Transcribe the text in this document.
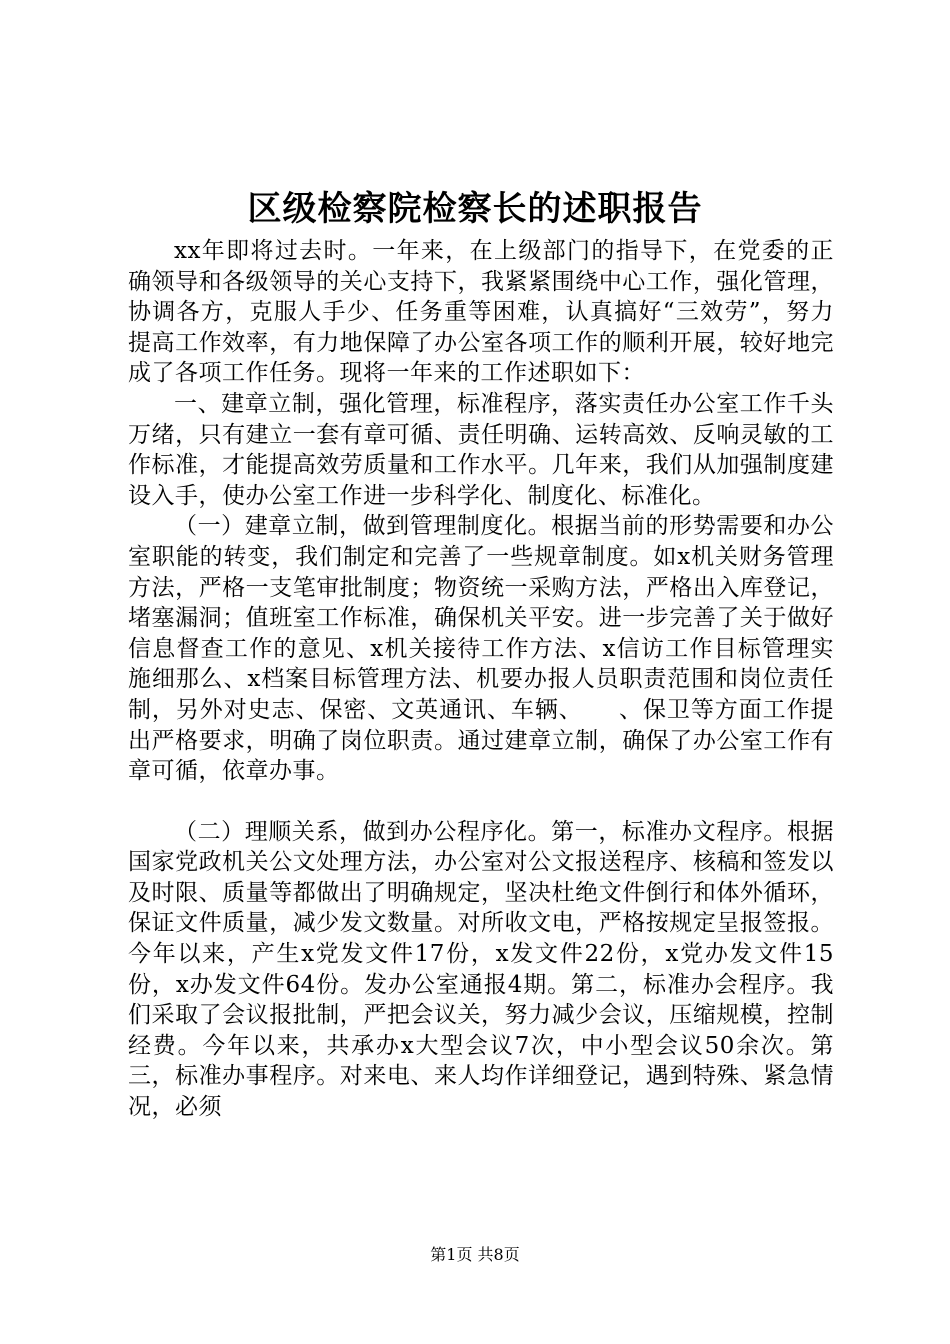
区级检察院检察长的述职报告

xx年即将过去时。一年来，在上级部门的指导下，在党委的正确领导和各级领导的关心支持下，我紧紧围绕中心工作，强化管理，协调各方，克服人手少、任务重等困难，认真搞好“三效劳”，努力提高工作效率，有力地保障了办公室各项工作的顺利开展，较好地完成了各项工作任务。现将一年来的工作述职如下：

一、建章立制，强化管理，标准程序，落实责任办公室工作千头万绪，只有建立一套有章可循、责任明确、运转高效、反响灵敏的工作标准，才能提高效劳质量和工作水平。几年来，我们从加强制度建设入手，使办公室工作进一步科学化、制度化、标准化。

（一）建章立制，做到管理制度化。根据当前的形势需要和办公室职能的转变，我们制定和完善了一些规章制度。如x机关财务管理方法，严格一支笔审批制度；物资统一采购方法，严格出入库登记，堵塞漏洞；值班室工作标准，确保机关平安。进一步完善了关于做好信息督查工作的意见、x机关接待工作方法、x信访工作目标管理实施细那么、x档案目标管理方法、机要办报人员职责范围和岗位责任制，另外对史志、保密、文英通讯、车辆、　　、保卫等方面工作提出严格要求，明确了岗位职责。通过建章立制，确保了办公室工作有章可循，依章办事。

（二）理顺关系，做到办公程序化。第一，标准办文程序。根据国家党政机关公文处理方法，办公室对公文报送程序、核稿和签发以及时限、质量等都做出了明确规定，坚决杜绝文件倒行和体外循环，保证文件质量，减少发文数量。对所收文电，严格按规定呈报签报。今年以来，产生x党发文件17份，x发文件22份，x党办发文件15份，x办发文件64份。发办公室通报4期。第二，标准办会程序。我们采取了会议报批制，严把会议关，努力减少会议，压缩规模，控制经费。今年以来，共承办x大型会议7次，中小型会议50余次。第三，标准办事程序。对来电、来人均作详细登记，遇到特殊、紧急情况，必须

第1页 共8页
